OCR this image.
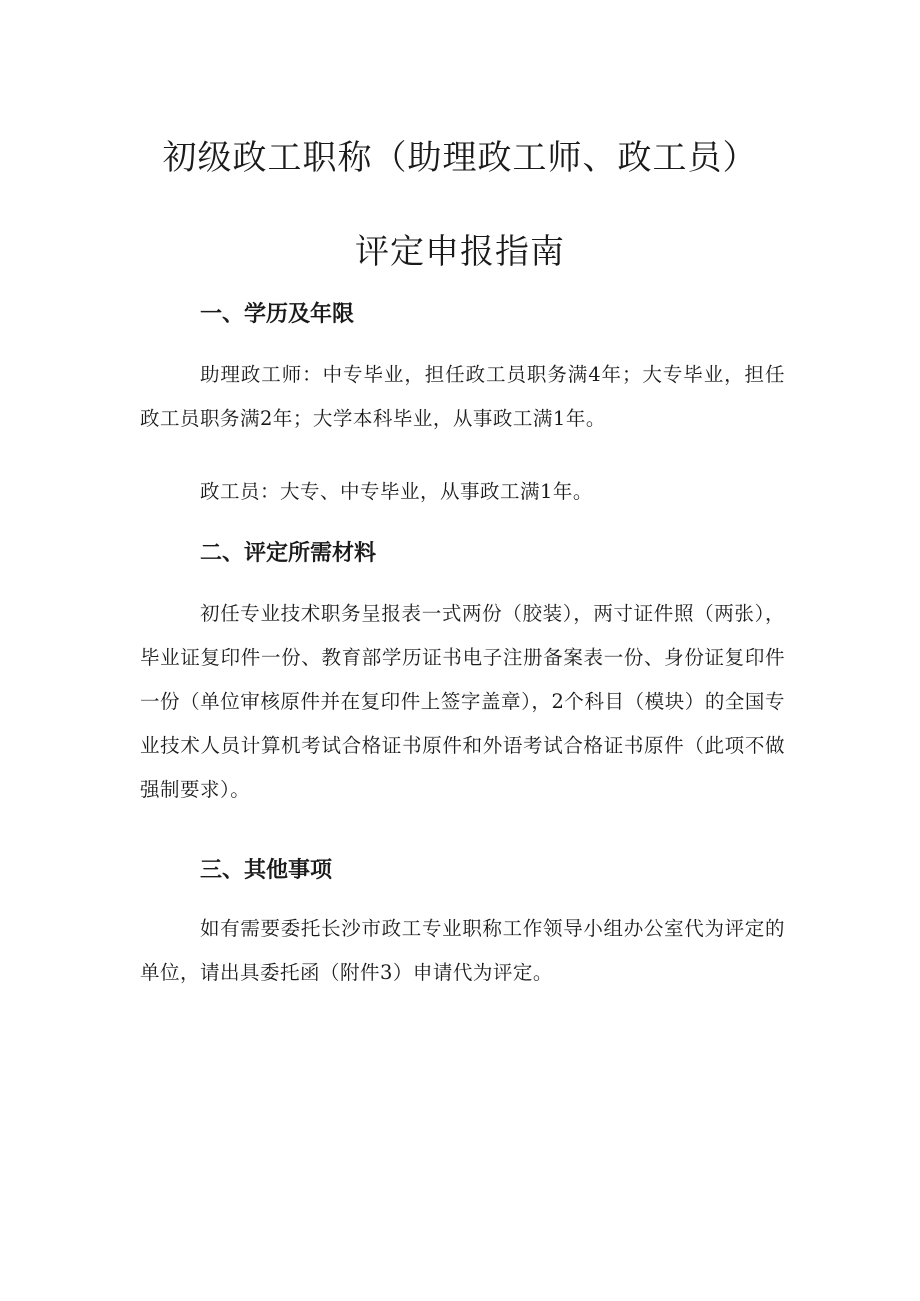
初级政工职称（助理政工师、政工员）
评定申报指南
一、学历及年限

助理政工师：中专毕业，担任政工员职务满4年；大专毕业，担任政工员职务满2年；大学本科毕业，从事政工满1年。

政工员：大专、中专毕业，从事政工满1年。

二、评定所需材料

初任专业技术职务呈报表一式两份（胶装），两寸证件照（两张），毕业证复印件一份、教育部学历证书电子注册备案表一份、身份证复印件一份（单位审核原件并在复印件上签字盖章），2个科目（模块）的全国专业技术人员计算机考试合格证书原件和外语考试合格证书原件（此项不做强制要求）。

三、其他事项

如有需要委托长沙市政工专业职称工作领导小组办公室代为评定的单位，请出具委托函（附件3）申请代为评定。
